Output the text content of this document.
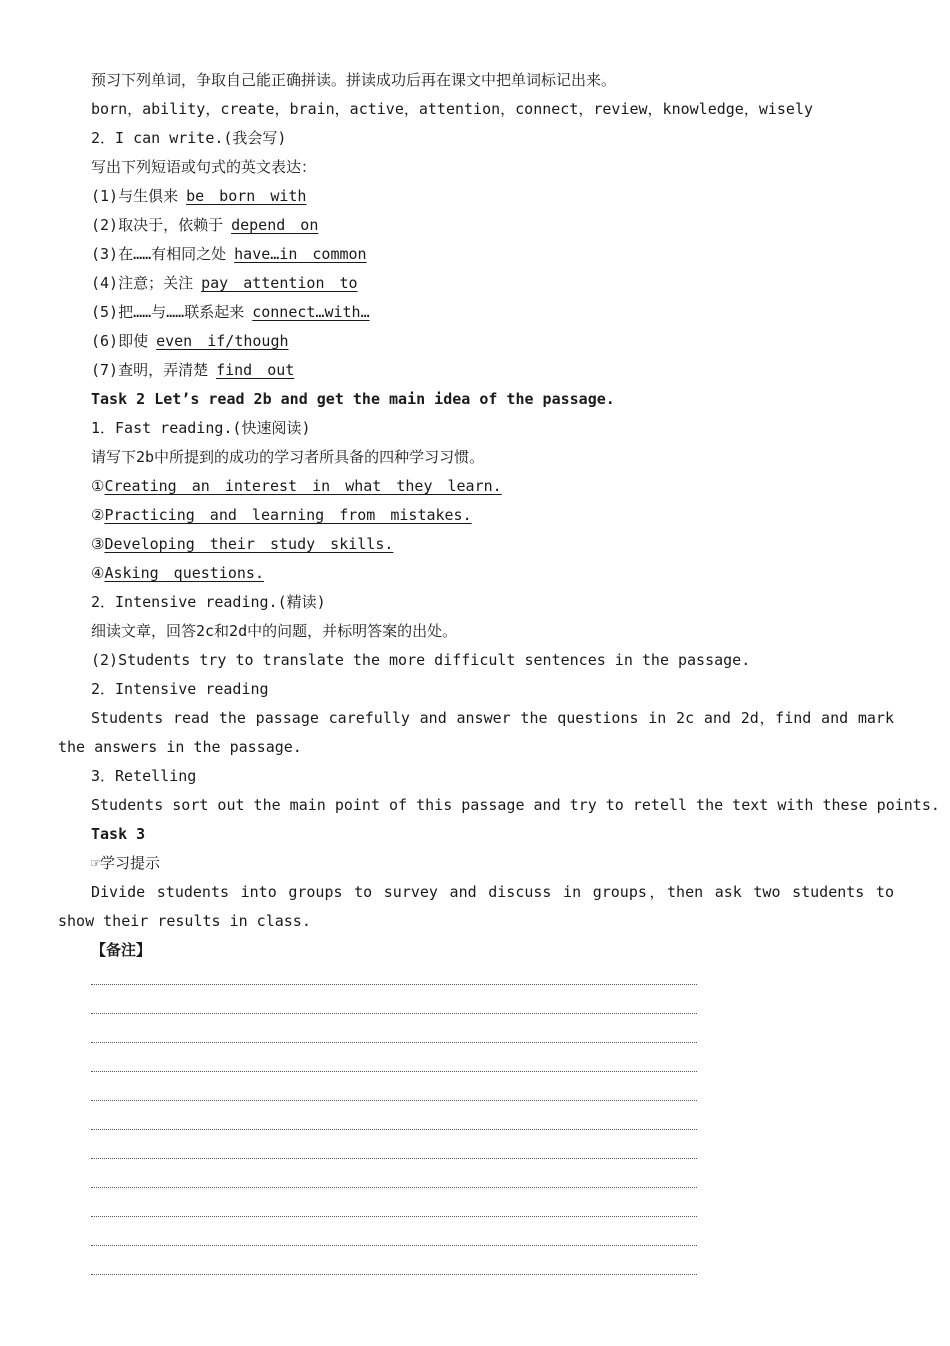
预习下列单词，争取自己能正确拼读。拼读成功后再在课文中把单词标记出来。
born，ability，create，brain，active，attention，connect，review，knowledge，wisely
2．I can write.(我会写)
写出下列短语或句式的英文表达：
(1)与生俱来 be born with
(2)取决于，依赖于 depend on
(3)在……有相同之处 have…in common
(4)注意；关注 pay attention to
(5)把……与……联系起来 connect…with…
(6)即使 even if/though
(7)查明，弄清楚 find out
Task 2 Let’s read 2b and get the main idea of the passage.
1．Fast reading.(快速阅读)
请写下2b中所提到的成功的学习者所具备的四种学习习惯。
①Creating an interest in what they learn.
②Practicing and learning from mistakes.
③Developing their study skills.
④Asking questions.
2．Intensive reading.(精读)
细读文章，回答2c和2d中的问题，并标明答案的出处。
(2)Students try to translate the more difficult sentences in the passage.
2．Intensive reading
Students read the passage carefully and answer the questions in 2c and 2d，find and mark the answers in the passage.
3．Retelling
Students sort out the main point of this passage and try to retell the text with these points.
Task 3
☞学习提示
Divide students into groups to survey and discuss in groups，then ask two students to show their results in class.
【备注】
